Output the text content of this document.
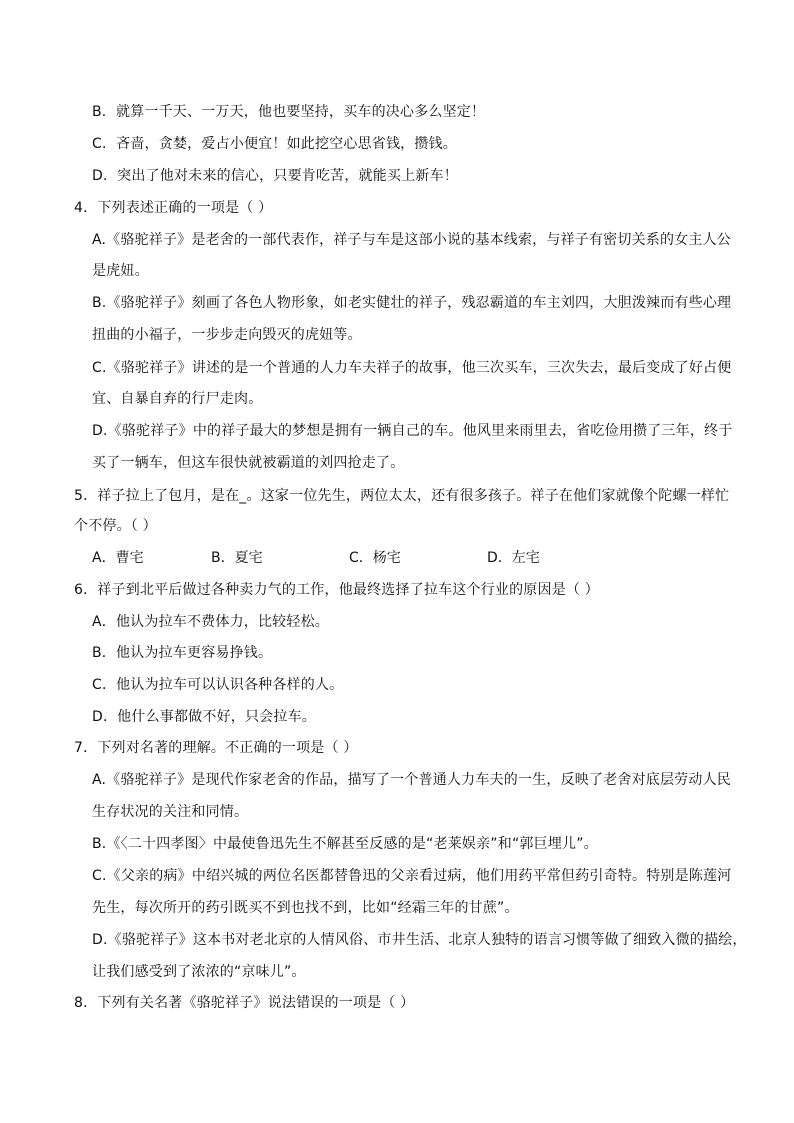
B．就算一千天、一万天，他也要坚持，买车的决心多么坚定！
C．吝啬，贪婪，爱占小便宜！如此挖空心思省钱，攒钱。
D．突出了他对未来的信心，只要肯吃苦，就能买上新车！
4．下列表述正确的一项是（ ）
A.《骆驼祥子》是老舍的一部代表作，祥子与车是这部小说的基本线索，与祥子有密切关系的女主人公
是虎妞。
B.《骆驼祥子》刻画了各色人物形象，如老实健壮的祥子，残忍霸道的车主刘四，大胆泼辣而有些心理
扭曲的小福子，一步步走向毁灭的虎妞等。
C.《骆驼祥子》讲述的是一个普通的人力车夫祥子的故事，他三次买车，三次失去，最后变成了好占便
宜、自暴自弃的行尸走肉。
D.《骆驼祥子》中的祥子最大的梦想是拥有一辆自己的车。他风里来雨里去，省吃俭用攒了三年，终于
买了一辆车，但这车很快就被霸道的刘四抢走了。
5．祥子拉上了包月，是在_。这家一位先生，两位太太，还有很多孩子。祥子在他们家就像个陀螺一样忙
个不停。（ ）
A．曹宅	B．夏宅	C．杨宅	D．左宅
6．祥子到北平后做过各种卖力气的工作，他最终选择了拉车这个行业的原因是（ ）
A．他认为拉车不费体力，比较轻松。
B．他认为拉车更容易挣钱。
C．他认为拉车可以认识各种各样的人。
D．他什么事都做不好，只会拉车。
7．下列对名著的理解。不正确的一项是（ ）
A.《骆驼祥子》是现代作家老舍的作品，描写了一个普通人力车夫的一生，反映了老舍对底层劳动人民
生存状况的关注和同情。
B.《〈二十四孝图〉中最使鲁迅先生不解甚至反感的是“老莱娱亲”和“郭巨埋儿”。
C.《父亲的病》中绍兴城的两位名医都替鲁迅的父亲看过病，他们用药平常但药引奇特。特别是陈莲河
先生，每次所开的药引既买不到也找不到，比如“经霜三年的甘蔗”。
D.《骆驼祥子》这本书对老北京的人情风俗、市井生活、北京人独特的语言习惯等做了细致入微的描绘，
让我们感受到了浓浓的“京味儿”。
8．下列有关名著《骆驼祥子》说法错误的一项是（ ）
